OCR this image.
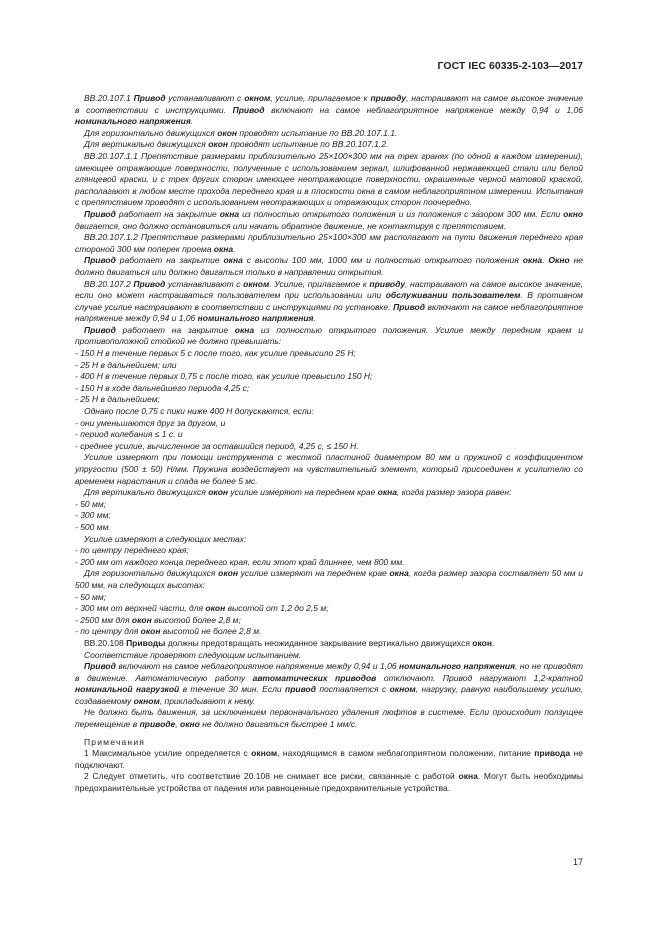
ГОСТ IEC 60335-2-103—2017

ВВ.20.107.1 Привод устанавливают с окном, усилие, прилагаемое к приводу, настраивают на самое высокое значение в соответствии с инструкциями. Привод включают на самое неблагоприятное напряжение между 0,94 и 1,06 номинального напряжения.

Для горизонтально движущихся окон проводят испытание по ВВ.20.107.1.1.

Для вертикально движущихся окон проводят испытание по ВВ.20.107.1.2.

ВВ.20.107.1.1 Препятствие размерами приблизительно 25×100×300 мм на трех гранях (по одной в каждом измерении), имеющее отражающие поверхности, полученные с использованием зеркал, шлифованной нержавеющей стали или белой глянцевой краски, и с трех других сторон имеющее неотражающие поверхности, окрашенные черной матовой краской, располагают в любом месте прохода переднего края и в плоскости окна в самом неблагоприятном измерении. Испытания с препятствием проводят с использованием неотражающих и отражающих сторон поочередно.

Привод работает на закрытие окна из полностью открытого положения и из положения с зазором 300 мм. Если окно двигается, оно должно остановиться или начать обратное движение, не контактируя с препятствием.

ВВ.20.107.1.2 Препятствие размерами приблизительно 25×100×300 мм располагают на пути движения переднего края стороной 300 мм поперек проема окна.

Привод работает на закрытие окна с высоты 100 мм, 1000 мм и полностью открытого положения окна. Окно не должно двигаться или должно двигаться только в направлении открытия.

ВВ.20.107.2 Привод устанавливают с окном. Усилие, прилагаемое к приводу, настраивают на самое высокое значение, если оно может настраиваться пользователем при использовании или обслуживании пользователем. В противном случае усилие настраивают в соответствии с инструкциями по установке. Привод включают на самое неблагоприятное напряжение между 0,94 и 1,06 номинального напряжения.

Привод работает на закрытие окна из полностью открытого положения. Усилие между передним краем и противоположной стойкой не должно превышать:

- 150 Н в течение первых 5 с после того, как усилие превысило 25 Н;

- 25 Н в дальнейшем; или

- 400 Н в течение первых 0,75 с после того, как усилие превысило 150 Н;

- 150 Н в ходе дальнейшего периода 4,25 с;

- 25 Н в дальнейшем;

Однако после 0,75 с пики ниже 400 Н допускаются, если:

- они уменьшаются друг за другом, и

- период колебания ≤ 1 с. и

- среднее усилие, вычисленное за оставшийся период, 4,25 с, ≤ 150 Н.

Усилие измеряют при помощи инструмента с жесткой пластиной диаметром 80 мм и пружиной с коэффициентом упругости (500 ± 50) Н/мм. Пружина воздействует на чувствительный элемент, который присоединен к усилителю со временем нарастания и спада не более 5 мс.

Для вертикально движущихся окон усилие измеряют на переднем крае окна, когда размер зазора равен:

- 50 мм;

- 300 мм;

- 500 мм.

Усилие измеряют в следующих местах:

- по центру переднего края;

- 200 мм от каждого конца переднего края, если этот край длиннее, чем 800 мм.

Для горизонтально движущихся окон усилие измеряют на переднем крае окна, когда размер зазора составляет 50 мм и 500 мм, на следующих высотах:

- 50 мм;

- 300 мм от верхней части, для окон высотой от 1,2 до 2,5 м;

- 2500 мм для окон высотой более 2,8 м;

- по центру для окон высотой не более 2,8 м.

ВВ.20.108 Приводы должны предотвращать неожиданное закрывание вертикально движущихся окон.

Соответствие проверяют следующим испытанием.

Привод включают на самое неблагоприятное напряжение между 0,94 и 1,06 номинального напряжения, но не приводят в движение. Автоматическую работу автоматических приводов отключают. Привод нагружают 1,2-кратной номинальной нагрузкой в течение 30 мин. Если привод поставляется с окном, нагрузку, равную наибольшему усилию, создаваемому окном, прикладывают к нему.

Не должно быть движения, за исключением первоначального удаления люфтов в системе. Если происходит ползущее перемещение в приводе, окно не должно двигаться быстрее 1 мм/с.

Примечания

1 Максимальное усилие определяется с окном, находящимся в самом неблагоприятном положении, питание привода не подключают.

2 Следует отметить, что соответствие 20.108 не снимает все риски, связанные с работой окна. Могут быть необходимы предохранительные устройства от падения или равноценные предохранительные устройства.

17
